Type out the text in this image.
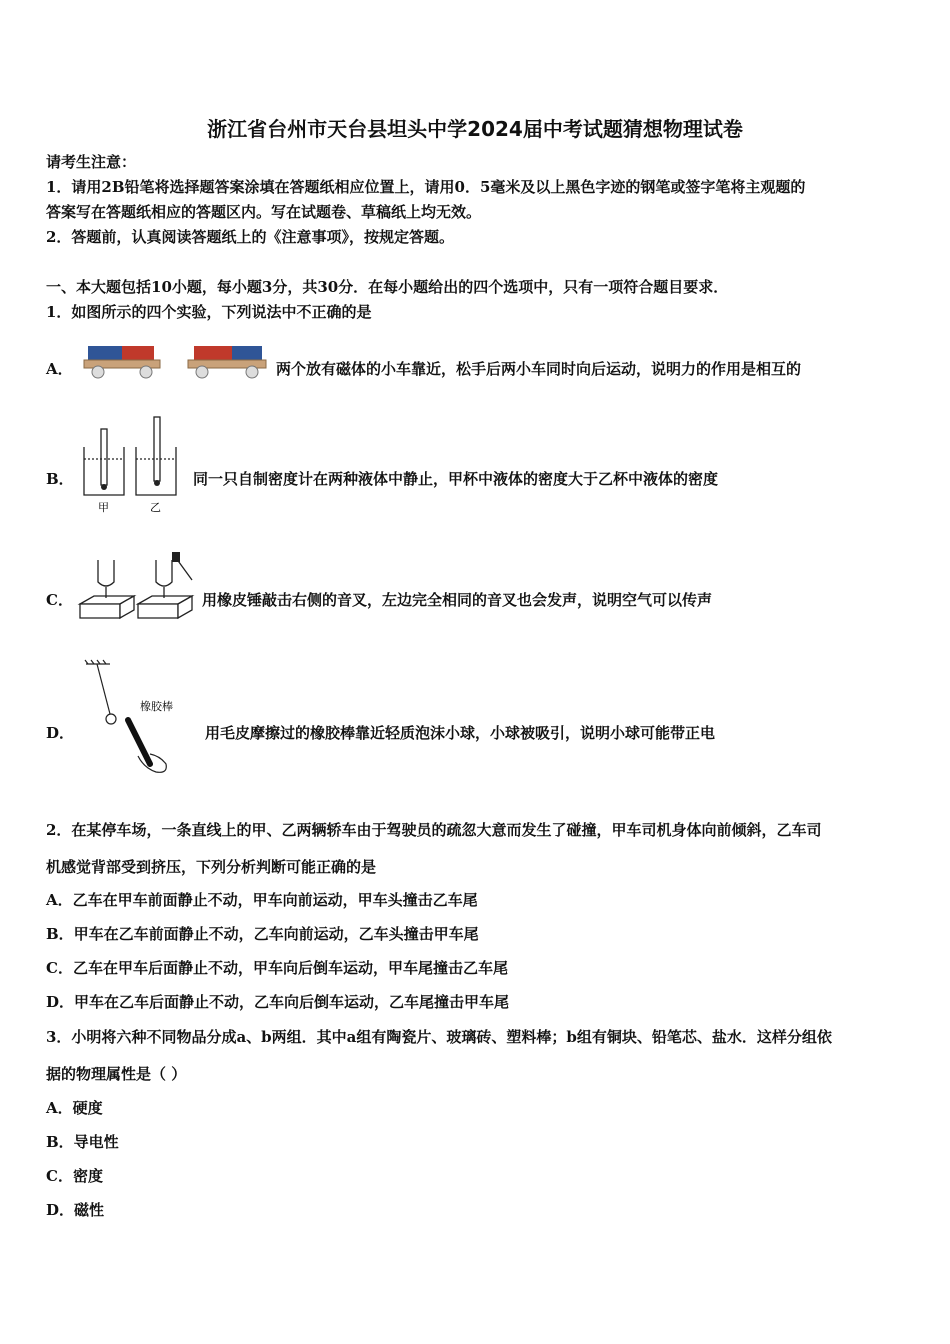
浙江省台州市天台县坦头中学2024届中考试题猜想物理试卷
请考生注意：
1．请用2B铅笔将选择题答案涂填在答题纸相应位置上，请用0．5毫米及以上黑色字迹的钢笔或签字笔将主观题的
答案写在答题纸相应的答题区内。写在试题卷、草稿纸上均无效。
2．答题前，认真阅读答题纸上的《注意事项》，按规定答题。
一、本大题包括10小题，每小题3分，共30分．在每小题给出的四个选项中，只有一项符合题目要求．
1．如图所示的四个实验，下列说法中不正确的是
A．	两个放有磁体的小车靠近，松手后两小车同时向后运动，说明力的作用是相互的
B．
甲	乙
同一只自制密度计在两种液体中静止，甲杯中液体的密度大于乙杯中液体的密度
C．	用橡皮锤敲击右侧的音叉，左边完全相同的音叉也会发声，说明空气可以传声
D．
橡胶棒
用毛皮摩擦过的橡胶棒靠近轻质泡沫小球，小球被吸引，说明小球可能带正电
2．在某停车场，一条直线上的甲、乙两辆轿车由于驾驶员的疏忽大意而发生了碰撞，甲车司机身体向前倾斜，乙车司
机感觉背部受到挤压，下列分析判断可能正确的是
A．乙车在甲车前面静止不动，甲车向前运动，甲车头撞击乙车尾
B．甲车在乙车前面静止不动，乙车向前运动，乙车头撞击甲车尾
C．乙车在甲车后面静止不动，甲车向后倒车运动，甲车尾撞击乙车尾
D．甲车在乙车后面静止不动，乙车向后倒车运动，乙车尾撞击甲车尾
3．小明将六种不同物品分成a、b两组．其中a组有陶瓷片、玻璃砖、塑料棒；b组有铜块、铅笔芯、盐水．这样分组依
据的物理属性是（ ）
A．硬度
B．导电性
C．密度
D．磁性
